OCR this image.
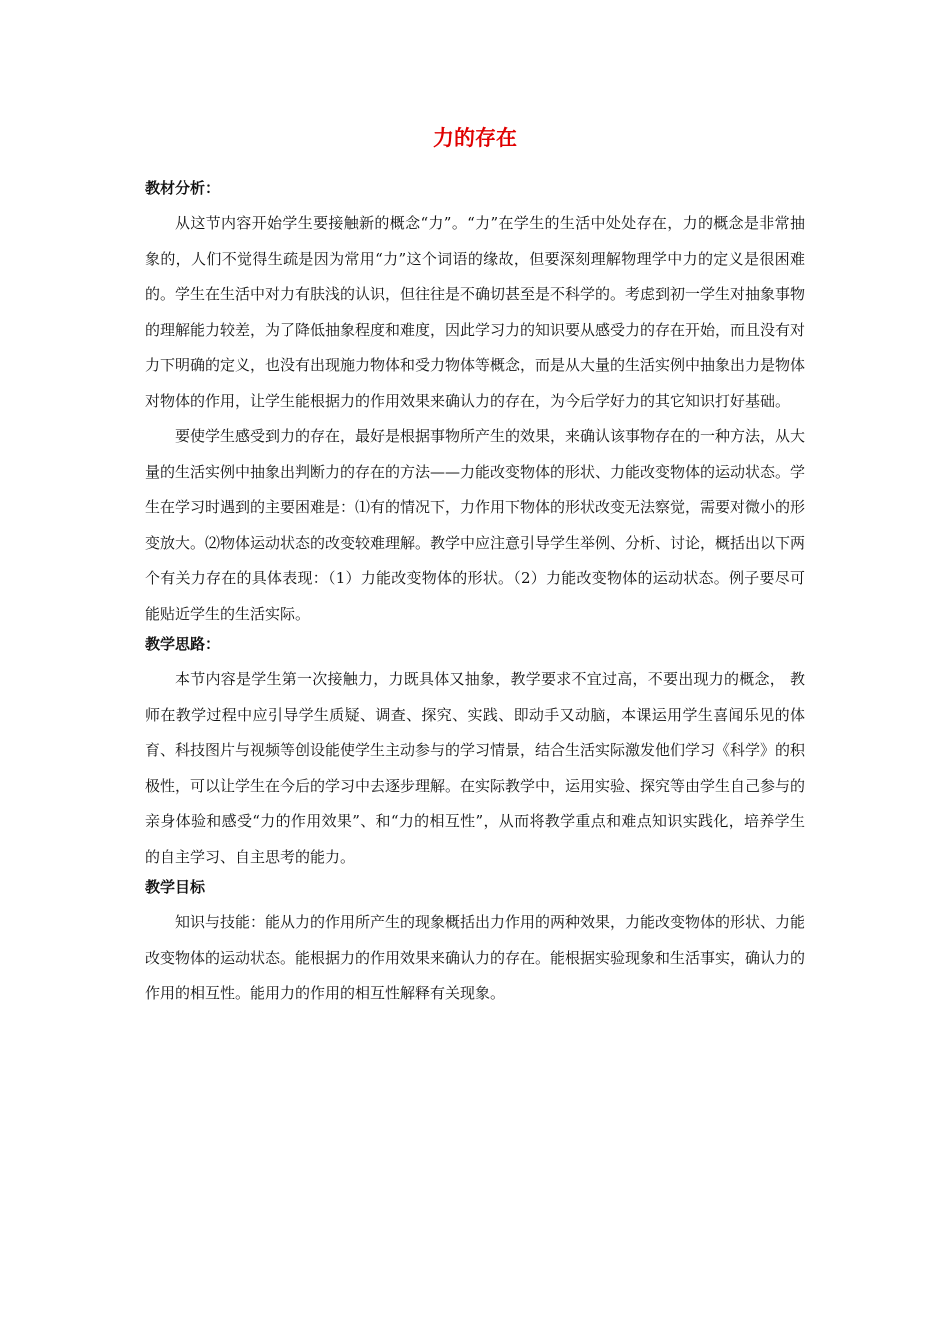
力的存在
教材分析：

从这节内容开始学生要接触新的概念“力”。“力”在学生的生活中处处存在，力的概念是非常抽象的，人们不觉得生疏是因为常用“力”这个词语的缘故，但要深刻理解物理学中力的定义是很困难的。学生在生活中对力有肤浅的认识，但往往是不确切甚至是不科学的。考虑到初一学生对抽象事物的理解能力较差，为了降低抽象程度和难度，因此学习力的知识要从感受力的存在开始，而且没有对力下明确的定义，也没有出现施力物体和受力物体等概念，而是从大量的生活实例中抽象出力是物体对物体的作用，让学生能根据力的作用效果来确认力的存在，为今后学好力的其它知识打好基础。

要使学生感受到力的存在，最好是根据事物所产生的效果，来确认该事物存在的一种方法，从大量的生活实例中抽象出判断力的存在的方法——力能改变物体的形状、力能改变物体的运动状态。学生在学习时遇到的主要困难是：⑴有的情况下，力作用下物体的形状改变无法察觉，需要对微小的形变放大。⑵物体运动状态的改变较难理解。教学中应注意引导学生举例、分析、讨论，概括出以下两个有关力存在的具体表现：（1）力能改变物体的形状。（2）力能改变物体的运动状态。例子要尽可能贴近学生的生活实际。

教学思路：

本节内容是学生第一次接触力，力既具体又抽象，教学要求不宜过高，不要出现力的概念， 教师在教学过程中应引导学生质疑、调查、探究、实践、即动手又动脑，本课运用学生喜闻乐见的体育、科技图片与视频等创设能使学生主动参与的学习情景，结合生活实际激发他们学习《科学》的积极性，可以让学生在今后的学习中去逐步理解。在实际教学中，运用实验、探究等由学生自己参与的亲身体验和感受“力的作用效果”、和“力的相互性”，从而将教学重点和难点知识实践化，培养学生的自主学习、自主思考的能力。

教学目标

知识与技能：能从力的作用所产生的现象概括出力作用的两种效果，力能改变物体的形状、力能改变物体的运动状态。能根据力的作用效果来确认力的存在。能根据实验现象和生活事实，确认力的作用的相互性。能用力的作用的相互性解释有关现象。
